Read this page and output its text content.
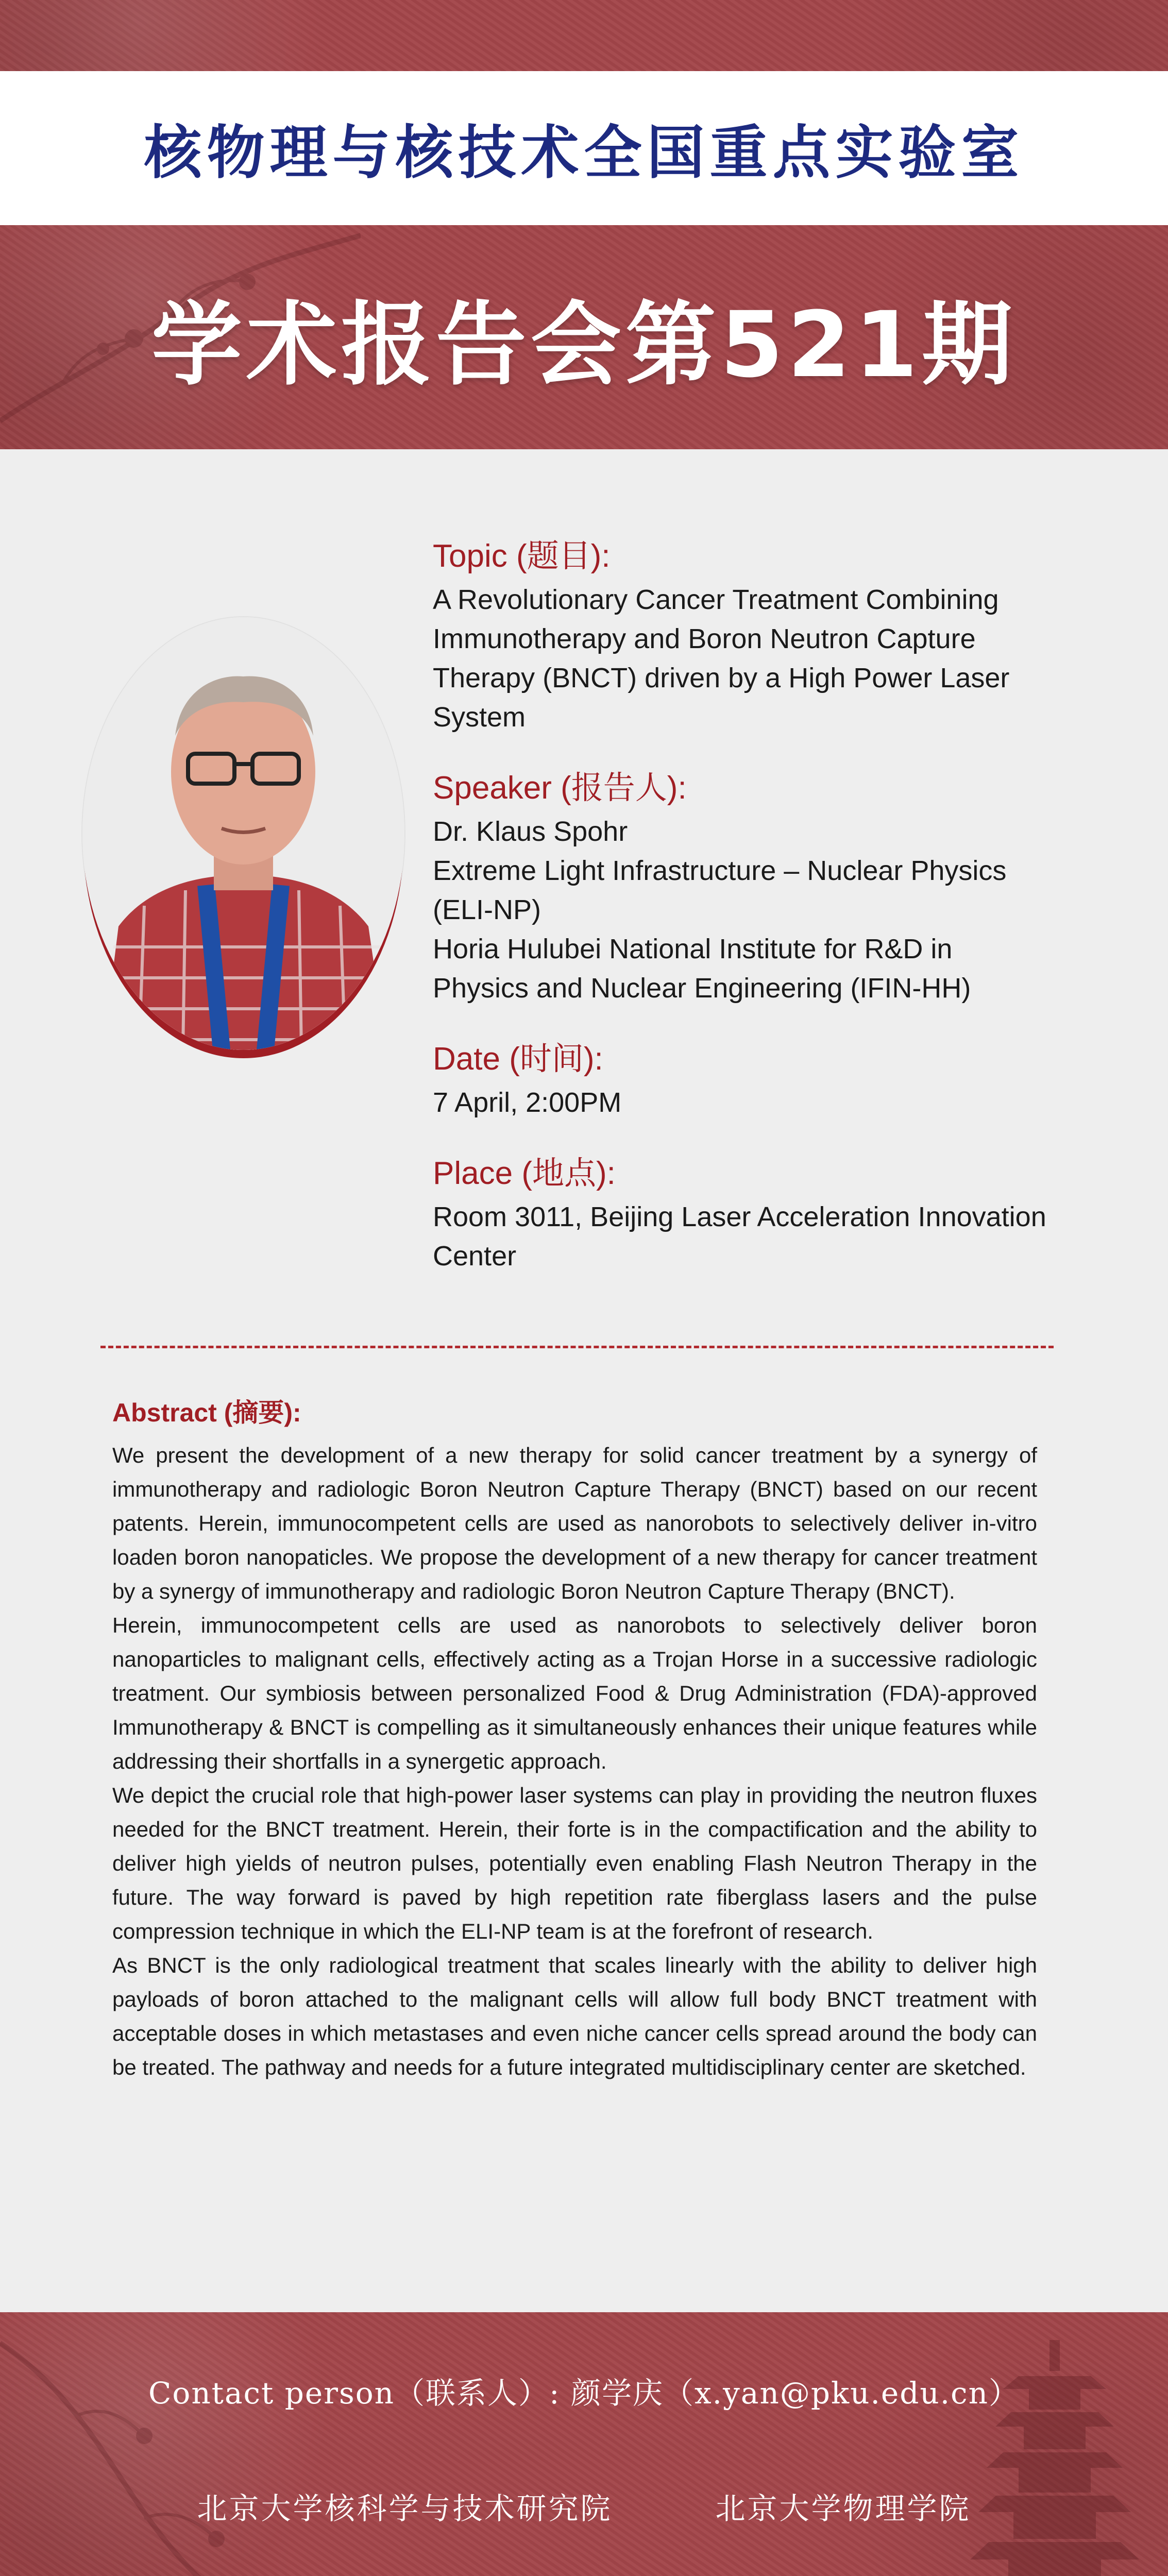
核物理与核技术全国重点实验室
学术报告会第521期
Topic (题目):
A Revolutionary Cancer Treatment Combining
Immunotherapy and Boron Neutron Capture
Therapy (BNCT) driven by a High Power Laser
System
Speaker (报告人):
Dr. Klaus Spohr
Extreme Light Infrastructure – Nuclear Physics
(ELI-NP)
Horia Hulubei National Institute for R&D in
Physics and Nuclear Engineering (IFIN-HH)
Date (时间):
7 April, 2:00PM
Place (地点):
Room 3011, Beijing Laser Acceleration Innovation
Center
Abstract (摘要):

We present the development of a new therapy for solid cancer treatment by a synergy of immunotherapy and radiologic Boron Neutron Capture Therapy (BNCT) based on our recent patents. Herein, immunocompetent cells are used as nanorobots to selectively deliver in-vitro loaden boron nanopaticles. We propose the development of a new therapy for cancer treatment by a synergy of immunotherapy and radiologic Boron Neutron Capture Therapy (BNCT).

Herein, immunocompetent cells are used as nanorobots to selectively deliver boron nanoparticles to malignant cells, effectively acting as a Trojan Horse in a successive radiologic treatment. Our symbiosis between personalized Food & Drug Administration (FDA)-approved Immunotherapy & BNCT is compelling as it simultaneously enhances their unique features while addressing their shortfalls in a synergetic approach.

We depict the crucial role that high-power laser systems can play in providing the neutron fluxes needed for the BNCT treatment. Herein, their forte is in the compactification and the ability to deliver high yields of neutron pulses, potentially even enabling Flash Neutron Therapy in the future. The way forward is paved by high repetition rate fiberglass lasers and the pulse compression technique in which the ELI-NP team is at the forefront of research.

As BNCT is the only radiological treatment that scales linearly with the ability to deliver high payloads of boron attached to the malignant cells will allow full body BNCT treatment with acceptable doses in which metastases and even niche cancer cells spread around the body can be treated. The pathway and needs for a future integrated multidisciplinary center are sketched.

Contact person（联系人）: 颜学庆（x.yan@pku.edu.cn）
北京大学核科学与技术研究院	北京大学物理学院
